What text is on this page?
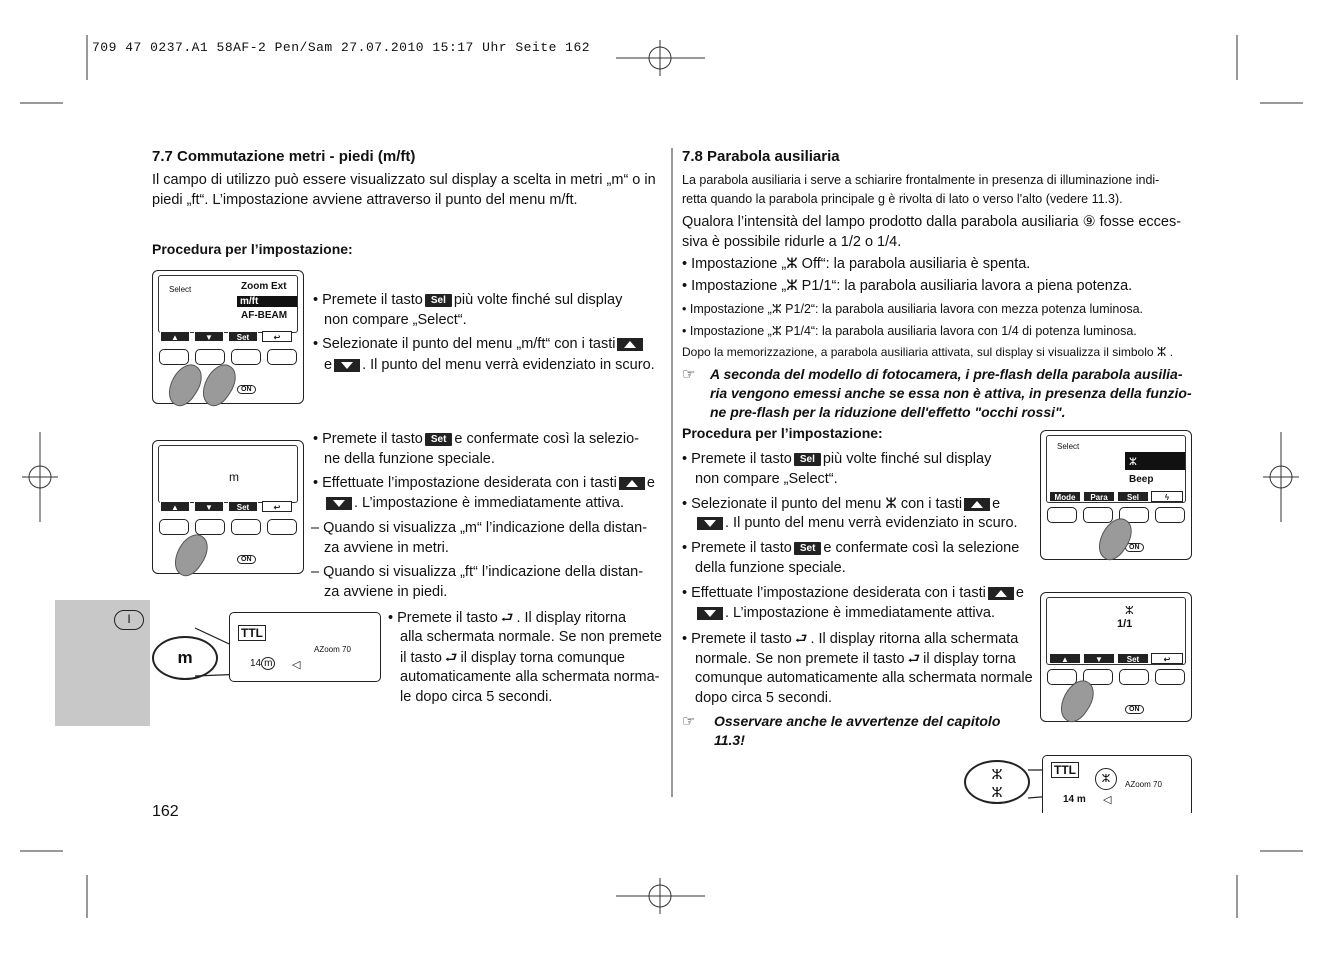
709 47 0237.A1 58AF-2 Pen/Sam 27.07.2010 15:17 Uhr Seite 162
I
162
7.7 Commutazione metri - piedi (m/ft)
Il campo di utilizzo può essere visualizzato sul display a scelta in metri „m“ o in
piedi „ft“. L’impostazione avviene attraverso il punto del menu m/ft.
Procedura per l’impostazione:
Select	Zoom Ext
m/ft
AF-BEAM
▲	▼	Set	↩
ON
• Premete il tasto Sel più volte finché sul display
non compare „Select“.
• Selezionate il punto del menu „m/ft“ con i tasti
e . Il punto del menu verrà evidenziato in scuro.
m
▲	▼	Set	↩
ON
• Premete il tasto Set e confermate così la selezio-
ne della funzione speciale.
• Effettuate l’impostazione desiderata con i tasti e
. L’impostazione è immediatamente attiva.
– Quando si visualizza „m“ l’indicazione della distan-
za avviene in metri.
– Quando si visualizza „ft“ l’indicazione della distan-
za avviene in piedi.
m
TTL
AZoom 70
14 m ◁
• Premete il tasto ⮐ . Il display ritorna
alla schermata normale. Se non premete
il tasto ⮐ il display torna comunque
automaticamente alla schermata norma-
le dopo circa 5 secondi.
7.8 Parabola ausiliaria
La parabola ausiliaria i serve a schiarire frontalmente in presenza di illuminazione indi-
retta quando la parabola principale g è rivolta di lato o verso l'alto (vedere 11.3).
Qualora l’intensità del lampo prodotto dalla parabola ausiliaria ⑨ fosse ecces-
siva è possibile ridurle a 1/2 o 1/4.
• Impostazione „ⵣ Off“: la parabola ausiliaria è spenta.
• Impostazione „ⵣ P1/1“: la parabola ausiliaria lavora a piena potenza.
• Impostazione „ⵣ P1/2“: la parabola ausiliaria lavora con mezza potenza luminosa.
• Impostazione „ⵣ P1/4“: la parabola ausiliaria lavora con 1/4 di potenza luminosa.
Dopo la memorizzazione, a parabola ausiliaria attivata, sul display si visualizza il simbolo ⵣ .
☞ A seconda del modello di fotocamera, i pre-flash della parabola ausilia-
ria vengono emessi anche se essa non è attiva, in presenza della funzio-
ne pre-flash per la riduzione dell'effetto "occhi rossi".
Procedura per l’impostazione:
• Premete il tasto Sel più volte finché sul display
non compare „Select“.
• Selezionate il punto del menu ⵣ con i tasti e
. Il punto del menu verrà evidenziato in scuro.
• Premete il tasto Set e confermate così la selezione
della funzione speciale.
• Effettuate l’impostazione desiderata con i tasti e
. L’impostazione è immediatamente attiva.
• Premete il tasto ⮐ . Il display ritorna alla schermata
normale. Se non premete il tasto ⮐ il display torna
comunque automaticamente alla schermata normale
dopo circa 5 secondi.
☞ Osservare anche le avvertenze del capitolo
11.3!
Select
ⵣ
Beep
Mode	Para	Sel	ϟ
ON
ⵣ
1/1
▲	▼	Set	↩
ON
ⵣ
ⵣ
TTL
ⵣ	AZoom 70
14 m ◁
